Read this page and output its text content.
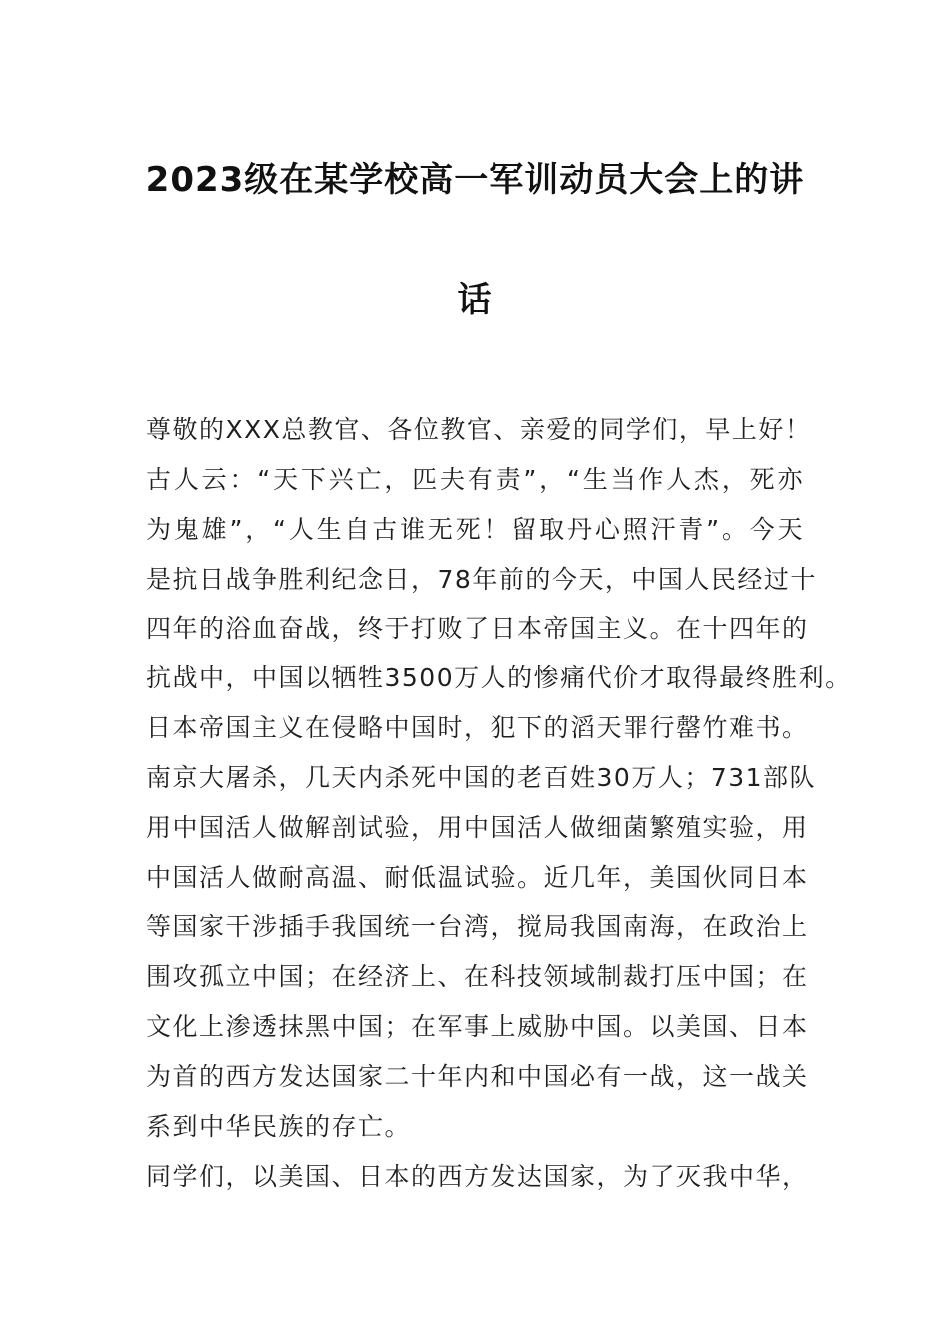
2023级在某学校高一军训动员大会上的讲
话
尊敬的XXX总教官、各位教官、亲爱的同学们，早上好！
古人云：“天下兴亡，匹夫有责”，“生当作人杰，死亦
为鬼雄”，“人生自古谁无死！留取丹心照汗青”。今天
是抗日战争胜利纪念日，78年前的今天，中国人民经过十
四年的浴血奋战，终于打败了日本帝国主义。在十四年的
抗战中，中国以牺牲3500万人的惨痛代价才取得最终胜利。
日本帝国主义在侵略中国时，犯下的滔天罪行罄竹难书。
南京大屠杀，几天内杀死中国的老百姓30万人；731部队
用中国活人做解剖试验，用中国活人做细菌繁殖实验，用
中国活人做耐高温、耐低温试验。近几年，美国伙同日本
等国家干涉插手我国统一台湾，搅局我国南海，在政治上
围攻孤立中国；在经济上、在科技领域制裁打压中国；在
文化上渗透抹黑中国；在军事上威胁中国。以美国、日本
为首的西方发达国家二十年内和中国必有一战，这一战关
系到中华民族的存亡。
同学们，以美国、日本的西方发达国家，为了灭我中华，
